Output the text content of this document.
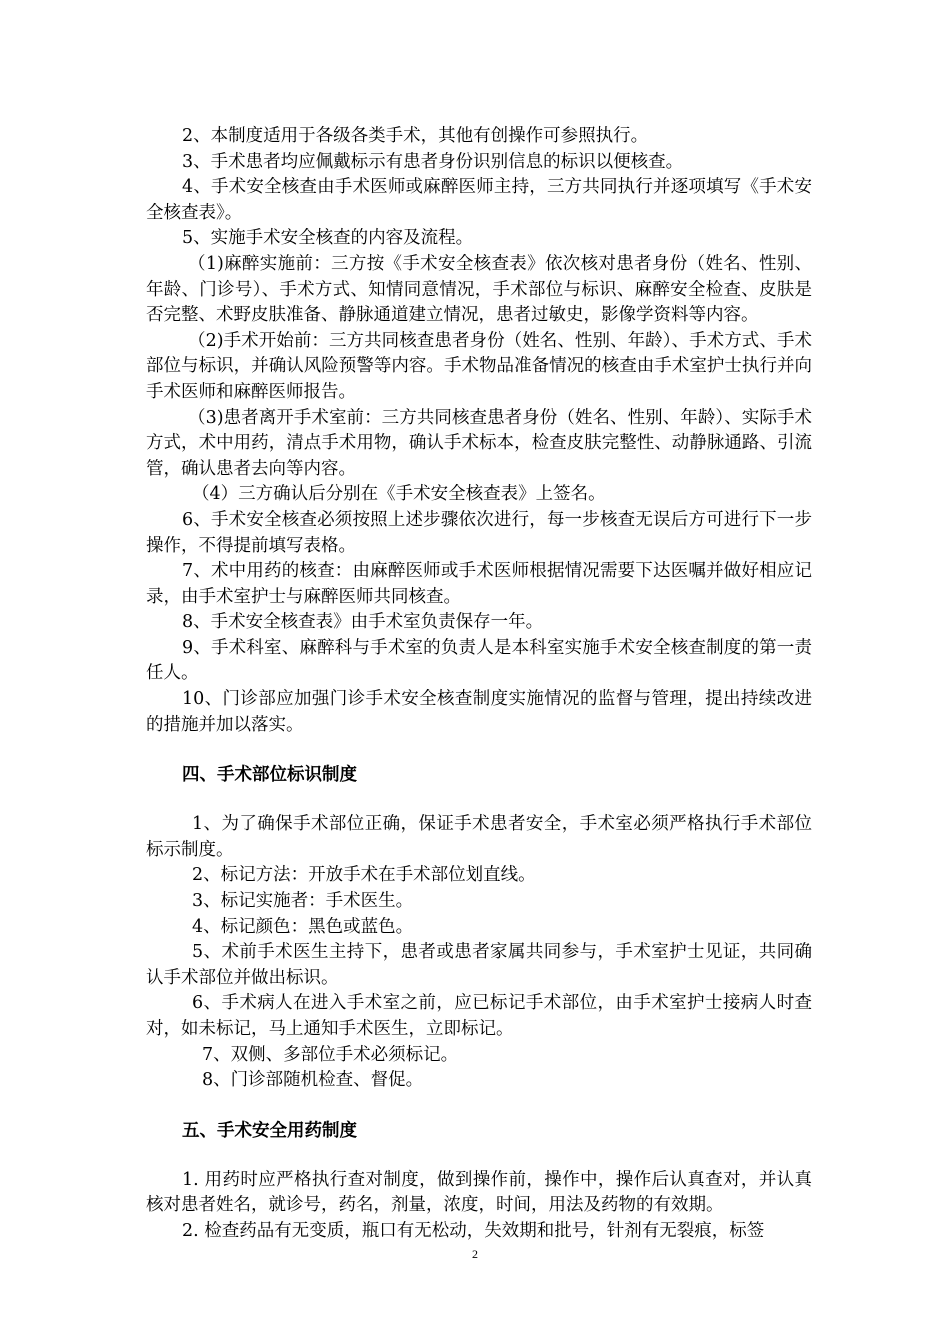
2、本制度适用于各级各类手术，其他有创操作可参照执行。

3、手术患者均应佩戴标示有患者身份识别信息的标识以便核查。

4、手术安全核查由手术医师或麻醉医师主持，三方共同执行并逐项填写《手术安全核查表》。

5、实施手术安全核查的内容及流程。

（1)麻醉实施前：三方按《手术安全核查表》依次核对患者身份（姓名、性别、年龄、门诊号）、手术方式、知情同意情况，手术部位与标识、麻醉安全检查、皮肤是否完整、术野皮肤准备、静脉通道建立情况，患者过敏史，影像学资料等内容。

（2)手术开始前：三方共同核查患者身份（姓名、性别、年龄）、手术方式、手术部位与标识，并确认风险预警等内容。手术物品准备情况的核查由手术室护士执行并向手术医师和麻醉医师报告。

（3)患者离开手术室前：三方共同核查患者身份（姓名、性别、年龄）、实际手术方式，术中用药，清点手术用物，确认手术标本，检查皮肤完整性、动静脉通路、引流管，确认患者去向等内容。

（4）三方确认后分别在《手术安全核查表》上签名。

6、手术安全核查必须按照上述步骤依次进行，每一步核查无误后方可进行下一步操作，不得提前填写表格。

7、术中用药的核查：由麻醉医师或手术医师根据情况需要下达医嘱并做好相应记录，由手术室护士与麻醉医师共同核查。

8、手术安全核查表》由手术室负责保存一年。

9、手术科室、麻醉科与手术室的负责人是本科室实施手术安全核查制度的第一责任人。

10、门诊部应加强门诊手术安全核查制度实施情况的监督与管理，提出持续改进的措施并加以落实。

四、手术部位标识制度

1、为了确保手术部位正确，保证手术患者安全，手术室必须严格执行手术部位标示制度。

2、标记方法：开放手术在手术部位划直线。

3、标记实施者：手术医生。

4、标记颜色：黑色或蓝色。

5、术前手术医生主持下，患者或患者家属共同参与，手术室护士见证，共同确认手术部位并做出标识。

6、手术病人在进入手术室之前，应已标记手术部位，由手术室护士接病人时查对，如未标记，马上通知手术医生，立即标记。

7、双侧、多部位手术必须标记。

8、门诊部随机检查、督促。

五、手术安全用药制度

1. 用药时应严格执行查对制度，做到操作前，操作中，操作后认真查对，并认真核对患者姓名，就诊号，药名，剂量，浓度，时间，用法及药物的有效期。

2. 检查药品有无变质，瓶口有无松动，失效期和批号，针剂有无裂痕，标签

2
